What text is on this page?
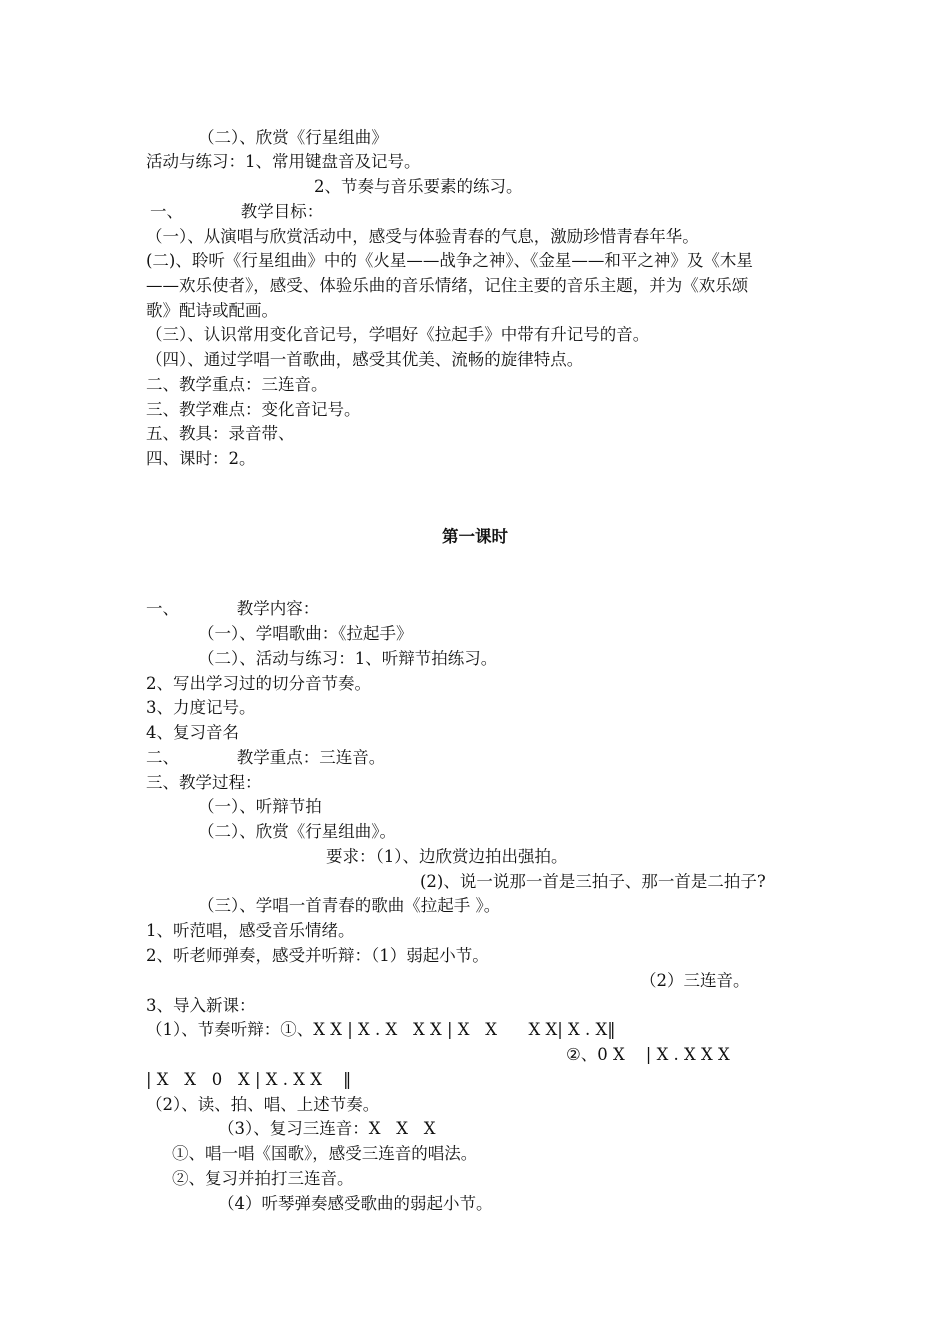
（二）、欣赏《行星组曲》
活动与练习：1、常用键盘音及记号。
2、节奏与音乐要素的练习。
一、　　　　教学目标：
（一）、从演唱与欣赏活动中，感受与体验青春的气息，激励珍惜青春年华。
(二)、聆听《行星组曲》中的《火星——战争之神》、《金星——和平之神》及《木星
——欢乐使者》，感受、体验乐曲的音乐情绪，记住主要的音乐主题，并为《欢乐颂
歌》配诗或配画。
（三）、认识常用变化音记号，学唱好《拉起手》中带有升记号的音。
（四）、通过学唱一首歌曲，感受其优美、流畅的旋律特点。
二、教学重点：三连音。
三、教学难点：变化音记号。
五、教具：录音带、
四、课时：2。
第一课时
一、　　　　教学内容：
（一）、学唱歌曲：《拉起手》
（二）、活动与练习：1、听辩节拍练习。
2、写出学习过的切分音节奏。
3、力度记号。
4、复习音名
二、　　　　教学重点：三连音。
三、教学过程：
（一）、听辩节拍
（二）、欣赏《行星组曲》。
要求：（1）、边欣赏边拍出强拍。
(2)、说一说那一首是三拍子、那一首是二拍子?
（三）、学唱一首青春的歌曲《拉起手 》。
1、听范唱，感受音乐情绪。
2、听老师弹奏，感受并听辩：（1）弱起小节。
（2）三连音。
3、导入新课：
（1）、节奏听辩：①、X X | X . X   X X | X   X      X X| X . X‖
②、0 X    | X . X X X
| X   X   0   X | X . X X    ‖
（2）、读、拍、唱、上述节奏。
（3）、复习三连音：X   X   X
①、唱一唱《国歌》，感受三连音的唱法。
②、复习并拍打三连音。
（4）听琴弹奏感受歌曲的弱起小节。
